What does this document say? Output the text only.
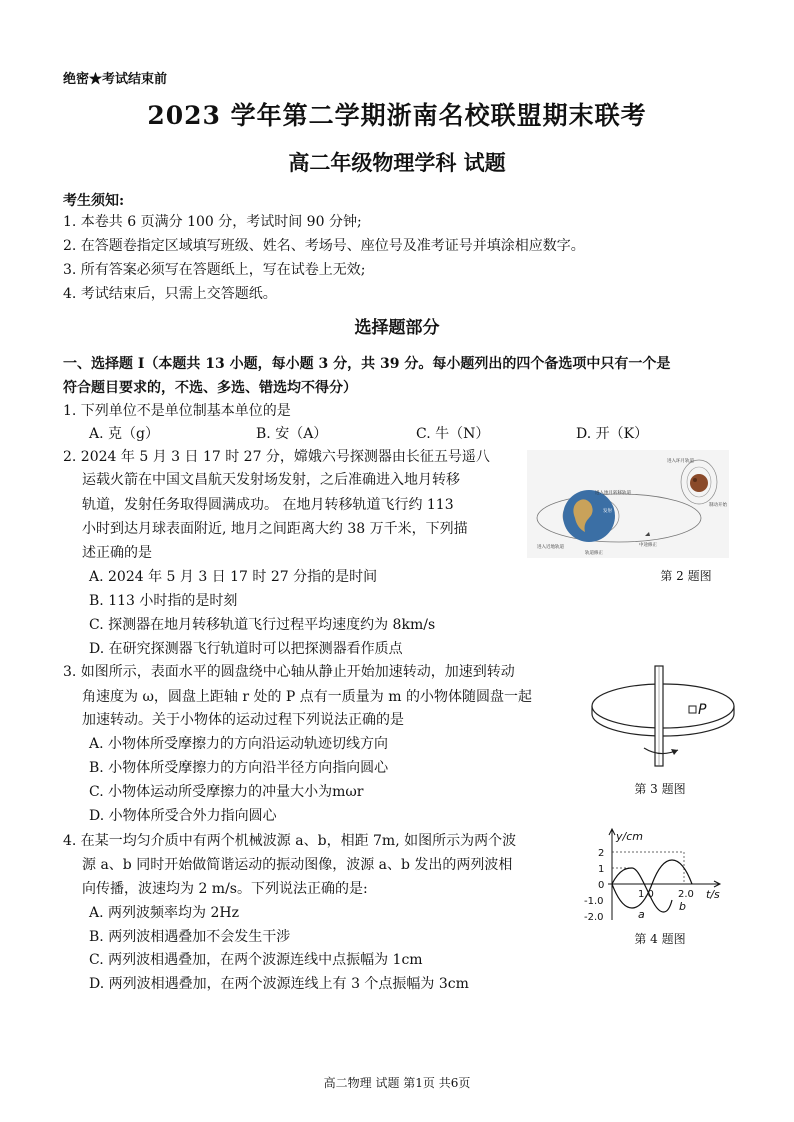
绝密★考试结束前
2023 学年第二学期浙南名校联盟期末联考
高二年级物理学科 试题
考生须知:
1. 本卷共 6 页满分 100 分，考试时间 90 分钟;
2. 在答题卷指定区域填写班级、姓名、考场号、座位号及准考证号并填涂相应数字。
3. 所有答案必须写在答题纸上，写在试卷上无效;
4. 考试结束后，只需上交答题纸。
选择题部分
一、选择题 I（本题共 13 小题，每小题 3 分，共 39 分。每小题列出的四个备选项中只有一个是
符合题目要求的，不选、多选、错选均不得分）
1. 下列单位不是单位制基本单位的是
A. 克（g）	B. 安（A）	C. 牛（N）	D. 开（K）
2. 2024 年 5 月 3 日 17 时 27 分，嫦娥六号探测器由长征五号遥八
运载火箭在中国文昌航天发射场发射，之后准确进入地月转移
轨道，发射任务取得圆满成功。 在地月转移轨道飞行约 113
小时到达月球表面附近, 地月之间距离大约 38 万千米，下列描
述正确的是
A. 2024 年 5 月 3 日 17 时 27 分指的是时间
B. 113 小时指的是时刻
C. 探测器在地月转移轨道飞行过程平均速度约为 8km/s
D. 在研究探测器飞行轨道时可以把探测器看作质点
进入环月轨道
进入地月转移轨道
发射
进入近地轨道
轨道修正
中途修正
制动开始
第 2 题图
3. 如图所示，表面水平的圆盘绕中心轴从静止开始加速转动，加速到转动
角速度为 ω，圆盘上距轴 r 处的 P 点有一质量为 m 的小物体随圆盘一起
加速转动。关于小物体的运动过程下列说法正确的是
A. 小物体所受摩擦力的方向沿运动轨迹切线方向
B. 小物体所受摩擦力的方向沿半径方向指向圆心
C. 小物体运动所受摩擦力的冲量大小为mωr
D. 小物体所受合外力指向圆心
P
第 3 题图
4. 在某一均匀介质中有两个机械波源 a、b，相距 7m, 如图所示为两个波
源 a、b 同时开始做简谐运动的振动图像，波源 a、b 发出的两列波相
向传播，波速均为 2 m/s。下列说法正确的是:
A. 两列波频率均为 2Hz
B. 两列波相遇叠加不会发生干涉
C. 两列波相遇叠加，在两个波源连线中点振幅为 1cm
D. 两列波相遇叠加，在两个波源连线上有 3 个点振幅为 3cm
y/cm
t/s
2
1
0
-1.0
-2.0
1.0 2.0
a
b
第 4 题图
高二物理 试题 第1页 共6页
